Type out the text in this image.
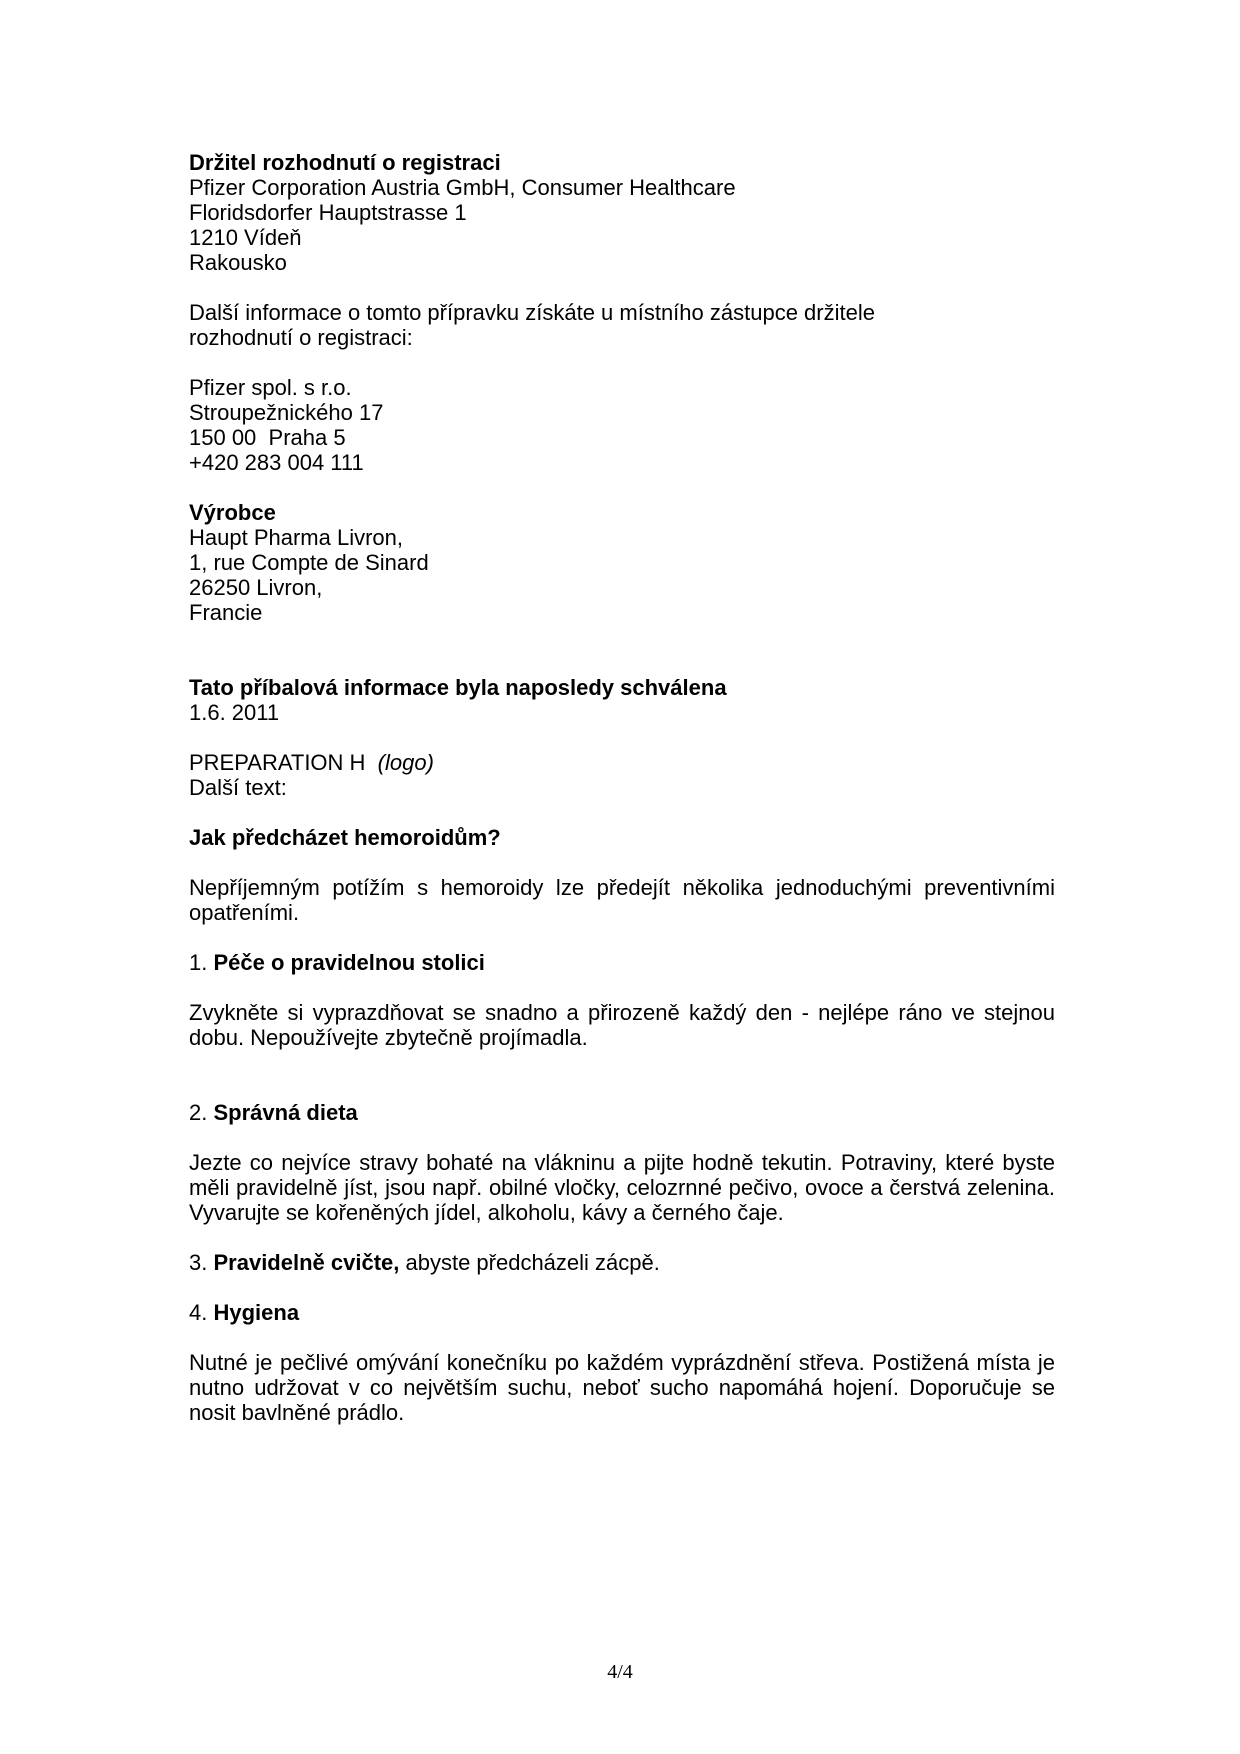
Držitel rozhodnutí o registraci
Pfizer Corporation Austria GmbH, Consumer Healthcare
Floridsdorfer Hauptstrasse 1
1210 Vídeň
Rakousko
Další informace o tomto přípravku získáte u místního zástupce držitele rozhodnutí o registraci:
Pfizer spol. s r.o.
Stroupežnického 17
150 00  Praha 5
+420 283 004 111
Výrobce
Haupt Pharma Livron,
1, rue Compte de Sinard
26250 Livron,
Francie
Tato příbalová informace byla naposledy schválena
1.6. 2011
PREPARATION H (logo)
Další text:
Jak předcházet hemoroidům?
Nepříjemným potížím s hemoroidy lze předejít několika jednoduchými preventivními opatřeními.
1. Péče o pravidelnou stolici
Zvykněte si vyprazdňovat se snadno a přirozeně každý den - nejlépe ráno ve stejnou dobu. Nepoužívejte zbytečně projímadla.
2. Správná dieta
Jezte co nejvíce stravy bohaté na vlákninu a pijte hodně tekutin. Potraviny, které byste měli pravidelně jíst, jsou např. obilné vločky, celozrnné pečivo, ovoce a čerstvá zelenina. Vyvarujte se kořeněných jídel, alkoholu, kávy a černého čaje.
3. Pravidelně cvičte, abyste předcházeli zácpě.
4. Hygiena
Nutné je pečlivé omývání konečníku po každém vyprázdnění střeva. Postižená místa je nutno udržovat v co největším suchu, neboť sucho napomáhá hojení. Doporučuje se nosit bavlněné prádlo.
4/4
